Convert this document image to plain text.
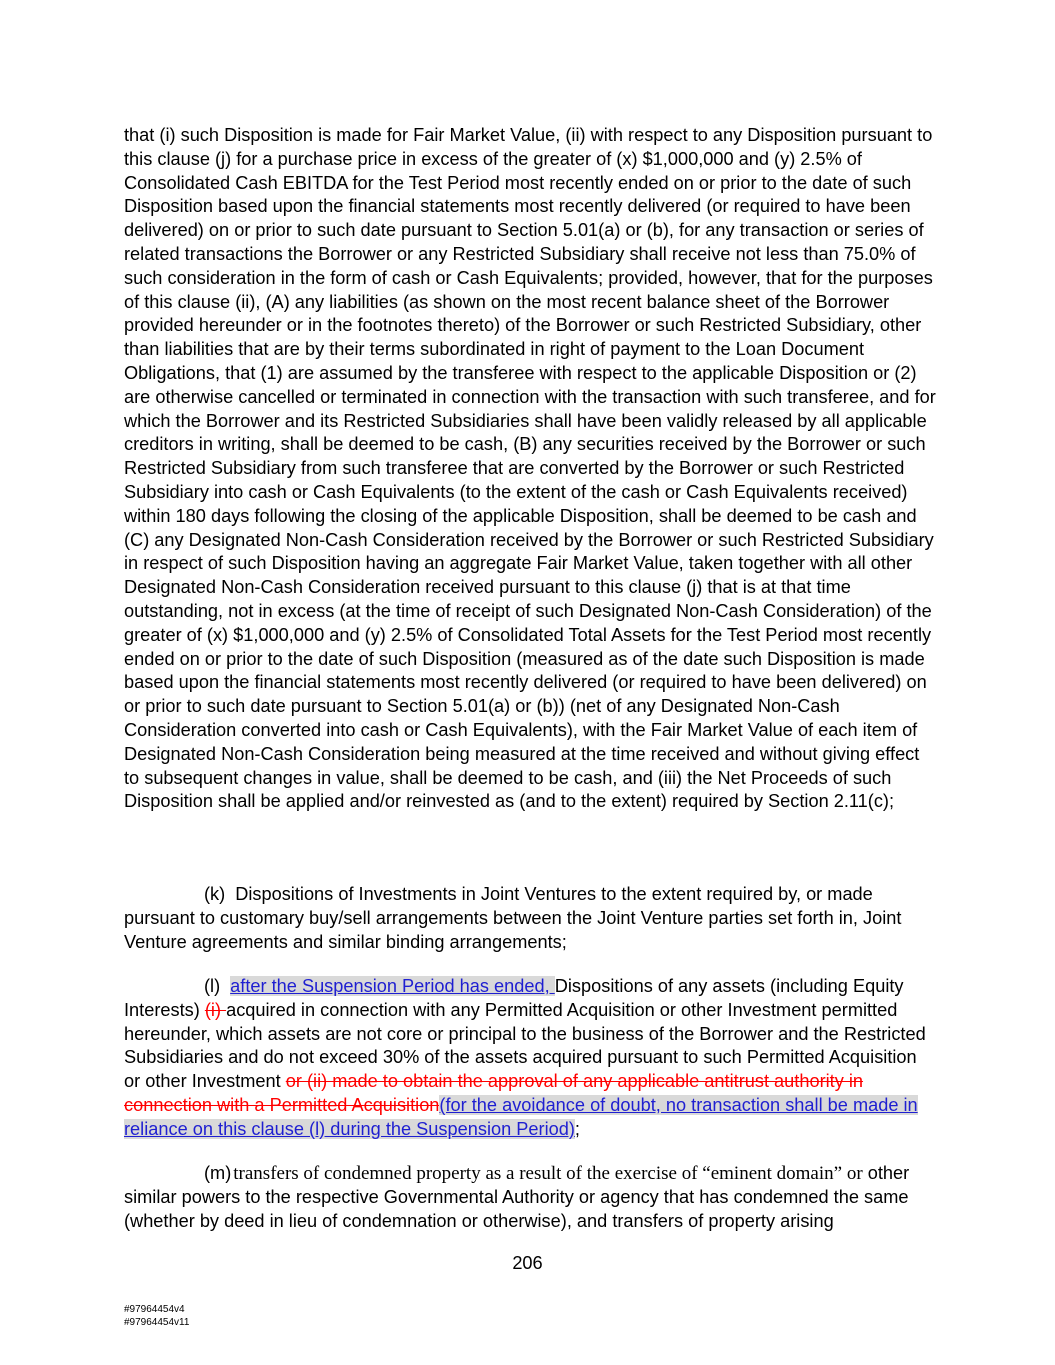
that (i) such Disposition is made for Fair Market Value, (ii) with respect to any Disposition pursuant to this clause (j) for a purchase price in excess of the greater of (x) $1,000,000 and (y) 2.5% of Consolidated Cash EBITDA for the Test Period most recently ended on or prior to the date of such Disposition based upon the financial statements most recently delivered (or required to have been delivered) on or prior to such date pursuant to Section 5.01(a) or (b), for any transaction or series of related transactions the Borrower or any Restricted Subsidiary shall receive not less than 75.0% of such consideration in the form of cash or Cash Equivalents; provided, however, that for the purposes of this clause (ii), (A) any liabilities (as shown on the most recent balance sheet of the Borrower provided hereunder or in the footnotes thereto) of the Borrower or such Restricted Subsidiary, other than liabilities that are by their terms subordinated in right of payment to the Loan Document Obligations, that (1) are assumed by the transferee with respect to the applicable Disposition or (2) are otherwise cancelled or terminated in connection with the transaction with such transferee, and for which the Borrower and its Restricted Subsidiaries shall have been validly released by all applicable creditors in writing, shall be deemed to be cash, (B) any securities received by the Borrower or such Restricted Subsidiary from such transferee that are converted by the Borrower or such Restricted Subsidiary into cash or Cash Equivalents (to the extent of the cash or Cash Equivalents received) within 180 days following the closing of the applicable Disposition, shall be deemed to be cash and (C) any Designated Non-Cash Consideration received by the Borrower or such Restricted Subsidiary in respect of such Disposition having an aggregate Fair Market Value, taken together with all other Designated Non-Cash Consideration received pursuant to this clause (j) that is at that time outstanding, not in excess (at the time of receipt of such Designated Non-Cash Consideration) of the greater of (x) $1,000,000 and (y) 2.5% of Consolidated Total Assets for the Test Period most recently ended on or prior to the date of such Disposition (measured as of the date such Disposition is made based upon the financial statements most recently delivered (or required to have been delivered) on or prior to such date pursuant to Section 5.01(a) or (b)) (net of any Designated Non-Cash Consideration converted into cash or Cash Equivalents), with the Fair Market Value of each item of Designated Non-Cash Consideration being measured at the time received and without giving effect to subsequent changes in value, shall be deemed to be cash, and (iii) the Net Proceeds of such Disposition shall be applied and/or reinvested as (and to the extent) required by Section 2.11(c);

(k) Dispositions of Investments in Joint Ventures to the extent required by, or made pursuant to customary buy/sell arrangements between the Joint Venture parties set forth in, Joint Venture agreements and similar binding arrangements;

(l) after the Suspension Period has ended, Dispositions of any assets (including Equity Interests) (i) acquired in connection with any Permitted Acquisition or other Investment permitted hereunder, which assets are not core or principal to the business of the Borrower and the Restricted Subsidiaries and do not exceed 30% of the assets acquired pursuant to such Permitted Acquisition or other Investment or (ii) made to obtain the approval of any applicable antitrust authority in connection with a Permitted Acquisition(for the avoidance of doubt, no transaction shall be made in reliance on this clause (l) during the Suspension Period);

(m) transfers of condemned property as a result of the exercise of “eminent domain” or other similar powers to the respective Governmental Authority or agency that has condemned the same (whether by deed in lieu of condemnation or otherwise), and transfers of property arising

206
#97964454v4
#97964454v11
